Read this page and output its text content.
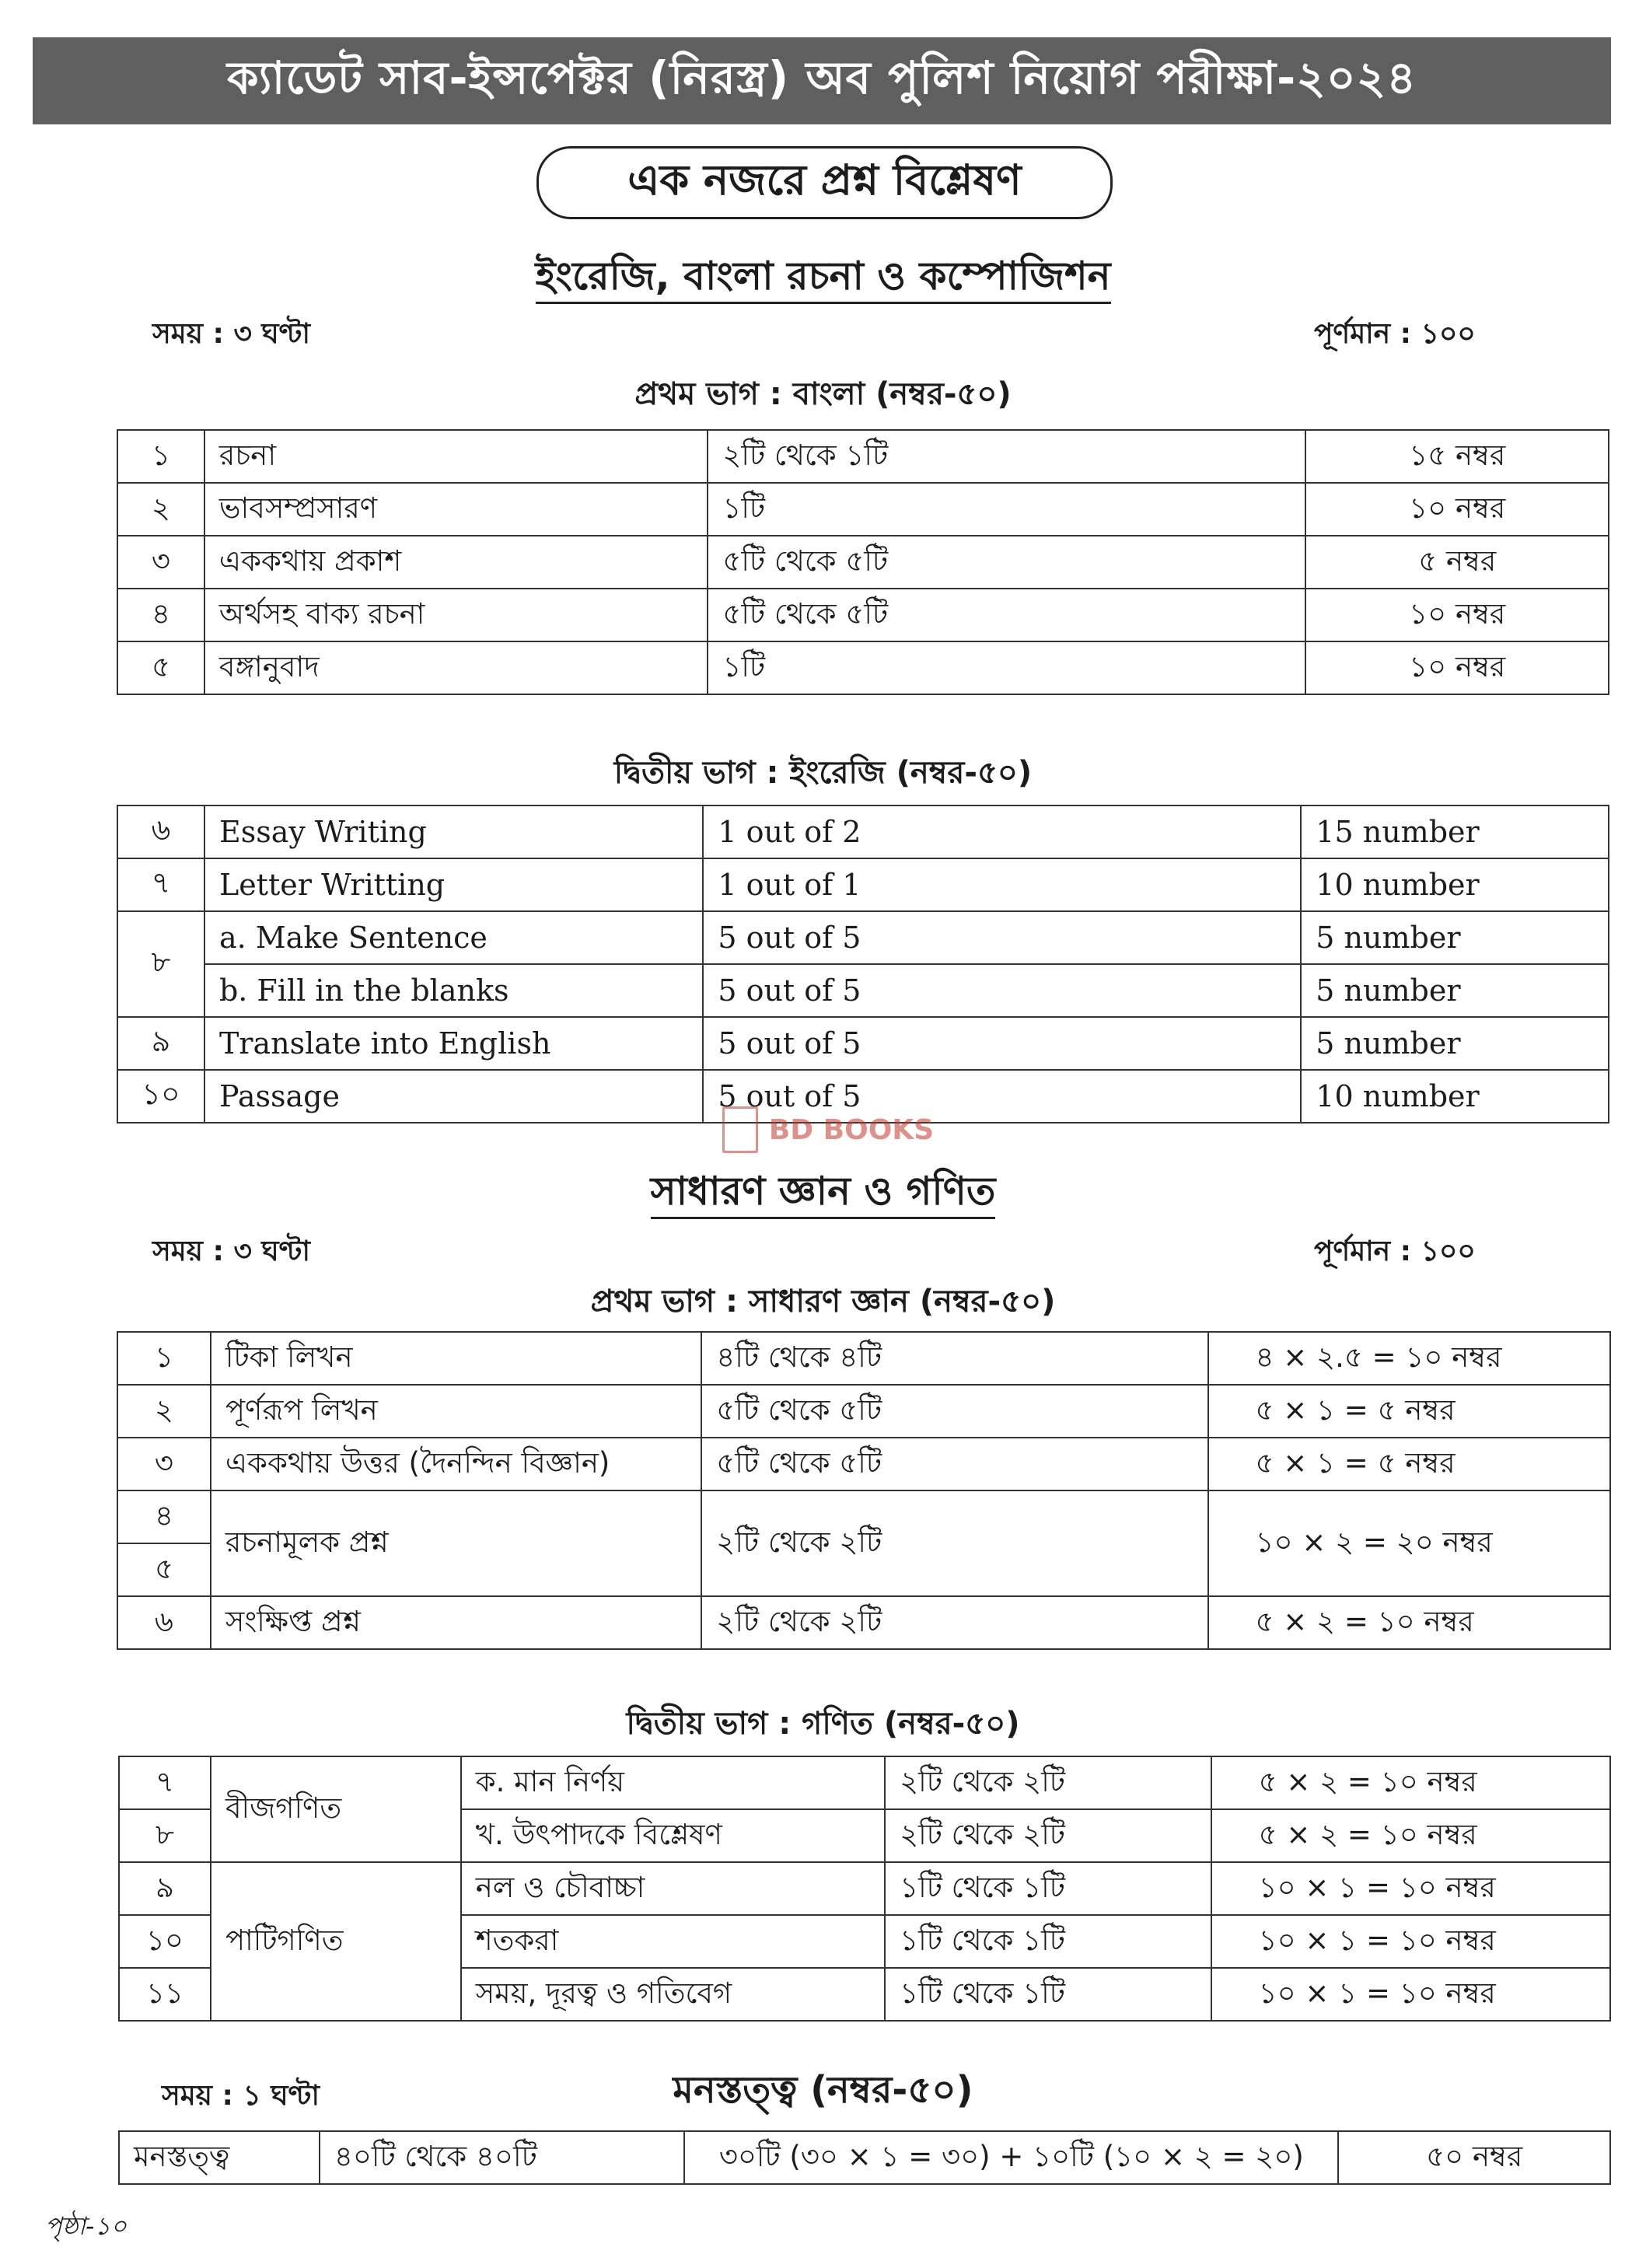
ক্যাডেট সাব-ইন্সপেক্টর (নিরস্ত্র) অব পুলিশ নিয়োগ পরীক্ষা-২০২৪
এক নজরে প্রশ্ন বিশ্লেষণ
ইংরেজি, বাংলা রচনা ও কম্পোজিশন
সময় : ৩ ঘণ্টা	পূর্ণমান : ১০০
প্রথম ভাগ : বাংলা (নম্বর-৫০)
১	রচনা	২টি থেকে ১টি	১৫ নম্বর
২	ভাবসম্প্রসারণ	১টি	১০ নম্বর
৩	এককথায় প্রকাশ	৫টি থেকে ৫টি	৫ নম্বর
৪	অর্থসহ বাক্য রচনা	৫টি থেকে ৫টি	১০ নম্বর
৫	বঙ্গানুবাদ	১টি	১০ নম্বর
দ্বিতীয় ভাগ : ইংরেজি (নম্বর-৫০)
৬	Essay Writing	1 out of 2	15 number
৭	Letter Writting	1 out of 1	10 number
৮	a. Make Sentence	5 out of 5	5 number
	b. Fill in the blanks	5 out of 5	5 number
৯	Translate into English	5 out of 5	5 number
১০	Passage	5 out of 5	10 number
BD BOOKS
সাধারণ জ্ঞান ও গণিত
সময় : ৩ ঘণ্টা	পূর্ণমান : ১০০
প্রথম ভাগ : সাধারণ জ্ঞান (নম্বর-৫০)
১	টিকা লিখন	৪টি থেকে ৪টি	৪ × ২.৫ = ১০ নম্বর
২	পূর্ণরূপ লিখন	৫টি থেকে ৫টি	৫ × ১ = ৫ নম্বর
৩	এককথায় উত্তর (দৈনন্দিন বিজ্ঞান)	৫টি থেকে ৫টি	৫ × ১ = ৫ নম্বর
৪	রচনামূলক প্রশ্ন	২টি থেকে ২টি	১০ × ২ = ২০ নম্বর
৫			
৬	সংক্ষিপ্ত প্রশ্ন	২টি থেকে ২টি	৫ × ২ = ১০ নম্বর
দ্বিতীয় ভাগ : গণিত (নম্বর-৫০)
৭	বীজগণিত	ক. মান নির্ণয়	২টি থেকে ২টি	৫ × ২ = ১০ নম্বর
৮		খ. উৎপাদকে বিশ্লেষণ	২টি থেকে ২টি	৫ × ২ = ১০ নম্বর
৯	পাটিগণিত	নল ও চৌবাচ্চা	১টি থেকে ১টি	১০ × ১ = ১০ নম্বর
১০		শতকরা	১টি থেকে ১টি	১০ × ১ = ১০ নম্বর
১১		সময়, দূরত্ব ও গতিবেগ	১টি থেকে ১টি	১০ × ১ = ১০ নম্বর
সময় : ১ ঘণ্টা	মনস্তত্ত্ব (নম্বর-৫০)
মনস্তত্ত্ব	৪০টি থেকে ৪০টি	৩০টি (৩০ × ১ = ৩০) + ১০টি (১০ × ২ = ২০)	৫০ নম্বর
পৃষ্ঠা-১০
